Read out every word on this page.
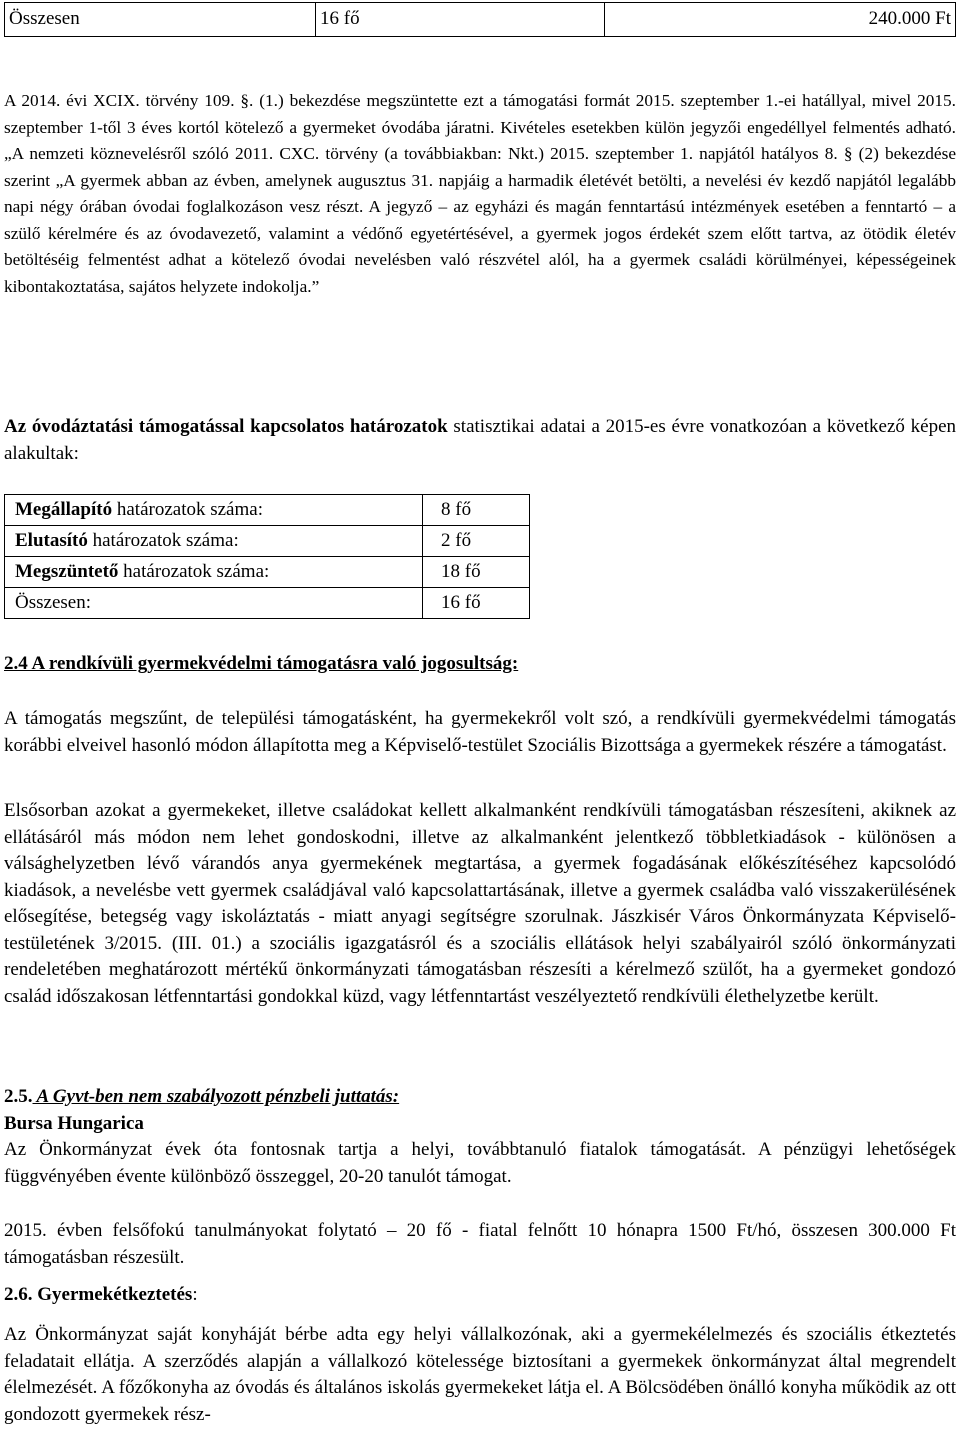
Összesen	16 fő	240.000 Ft

A 2014. évi XCIX. törvény 109. §. (1.) bekezdése megszüntette ezt a támogatási formát 2015. szeptember 1.-ei hatállyal, mivel 2015. szeptember 1-től 3 éves kortól kötelező a gyermeket óvodába járatni. Kivételes esetekben külön jegyzői engedéllyel felmentés adható. „A nemzeti köznevelésről szóló 2011. CXC. törvény (a továbbiakban: Nkt.) 2015. szeptember 1. napjától hatályos 8. § (2) bekezdése szerint „A gyermek abban az évben, amelynek augusztus 31. napjáig a harmadik életévét betölti, a nevelési év kezdő napjától legalább napi négy órában óvodai foglalkozáson vesz részt. A jegyző – az egyházi és magán fenntartású intézmények esetében a fenntartó – a szülő kérelmére és az óvodavezető, valamint a védőnő egyetértésével, a gyermek jogos érdekét szem előtt tartva, az ötödik életév betöltéséig felmentést adhat a kötelező óvodai nevelésben való részvétel alól, ha a gyermek családi körülményei, képességeinek kibontakoztatása, sajátos helyzete indokolja.”

Az óvodáztatási támogatással kapcsolatos határozatok statisztikai adatai a 2015-es évre vonatkozóan a következő képen alakultak:

Megállapító határozatok száma:	8 fő
Elutasító határozatok száma:	2 fő
Megszüntető határozatok száma:	18 fő
Összesen:	16 fő
2.4 A rendkívüli gyermekvédelmi támogatásra való jogosultság:

A támogatás megszűnt, de települési támogatásként, ha gyermekekről volt szó, a rendkívüli gyermekvédelmi támogatás korábbi elveivel hasonló módon állapította meg a Képviselő-testület Szociális Bizottsága a gyermekek részére a támogatást.

Elsősorban azokat a gyermekeket, illetve családokat kellett alkalmanként rendkívüli támogatásban részesíteni, akiknek az ellátásáról más módon nem lehet gondoskodni, illetve az alkalmanként jelentkező többletkiadások - különösen a válsághelyzetben lévő várandós anya gyermekének megtartása, a gyermek fogadásának előkészítéséhez kapcsolódó kiadások, a nevelésbe vett gyermek családjával való kapcsolattartásának, illetve a gyermek családba való visszakerülésének elősegítése, betegség vagy iskoláztatás - miatt anyagi segítségre szorulnak. Jászkisér Város Önkormányzata Képviselő-testületének 3/2015. (III. 01.) a szociális igazgatásról és a szociális ellátások helyi szabályairól szóló önkormányzati rendeletében meghatározott mértékű önkormányzati támogatásban részesíti a kérelmező szülőt, ha a gyermeket gondozó család időszakosan létfenntartási gondokkal küzd, vagy létfenntartást veszélyeztető rendkívüli élethelyzetbe került.

2.5. A Gyvt-ben nem szabályozott pénzbeli juttatás:
Bursa Hungarica

Az Önkormányzat évek óta fontosnak tartja a helyi, továbbtanuló fiatalok támogatását. A pénzügyi lehetőségek függvényében évente különböző összeggel, 20-20 tanulót támogat.

2015. évben felsőfokú tanulmányokat folytató – 20 fő - fiatal felnőtt 10 hónapra 1500 Ft/hó, összesen 300.000 Ft támogatásban részesült.

2.6. Gyermekétkeztetés:

Az Önkormányzat saját konyháját bérbe adta egy helyi vállalkozónak, aki a gyermekélelmezés és szociális étkeztetés feladatait ellátja. A szerződés alapján a vállalkozó kötelessége biztosítani a gyermekek önkormányzat által megrendelt élelmezését. A főzőkonyha az óvodás és általános iskolás gyermekeket látja el. A Bölcsödében önálló konyha működik az ott gondozott gyermekek rész-
